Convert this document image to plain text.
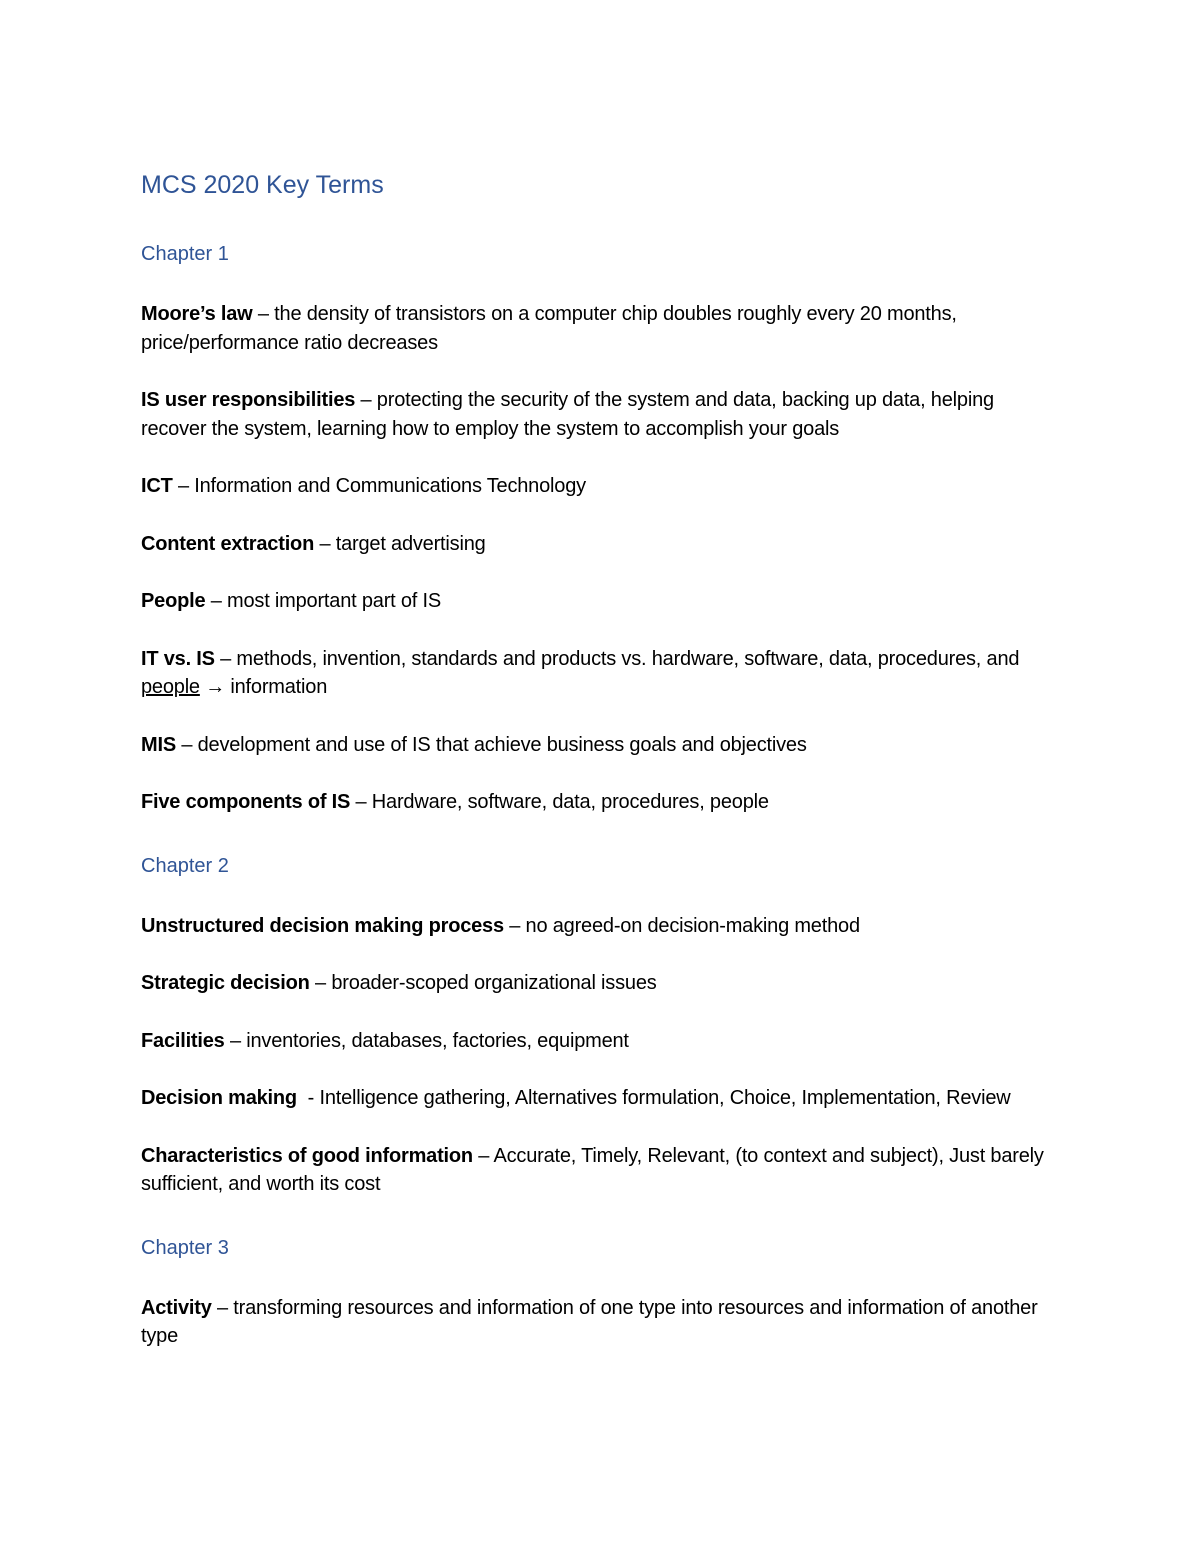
MCS 2020 Key Terms
Chapter 1

Moore’s law – the density of transistors on a computer chip doubles roughly every 20 months, price/performance ratio decreases

IS user responsibilities – protecting the security of the system and data, backing up data, helping recover the system, learning how to employ the system to accomplish your goals

ICT – Information and Communications Technology

Content extraction – target advertising

People – most important part of IS

IT vs. IS – methods, invention, standards and products vs. hardware, software, data, procedures, and people → information

MIS – development and use of IS that achieve business goals and objectives

Five components of IS – Hardware, software, data, procedures, people

Chapter 2

Unstructured decision making process – no agreed-on decision-making method

Strategic decision – broader-scoped organizational issues

Facilities – inventories, databases, factories, equipment

Decision making  - Intelligence gathering, Alternatives formulation, Choice, Implementation, Review

Characteristics of good information – Accurate, Timely, Relevant, (to context and subject), Just barely sufficient, and worth its cost

Chapter 3

Activity – transforming resources and information of one type into resources and information of another type
